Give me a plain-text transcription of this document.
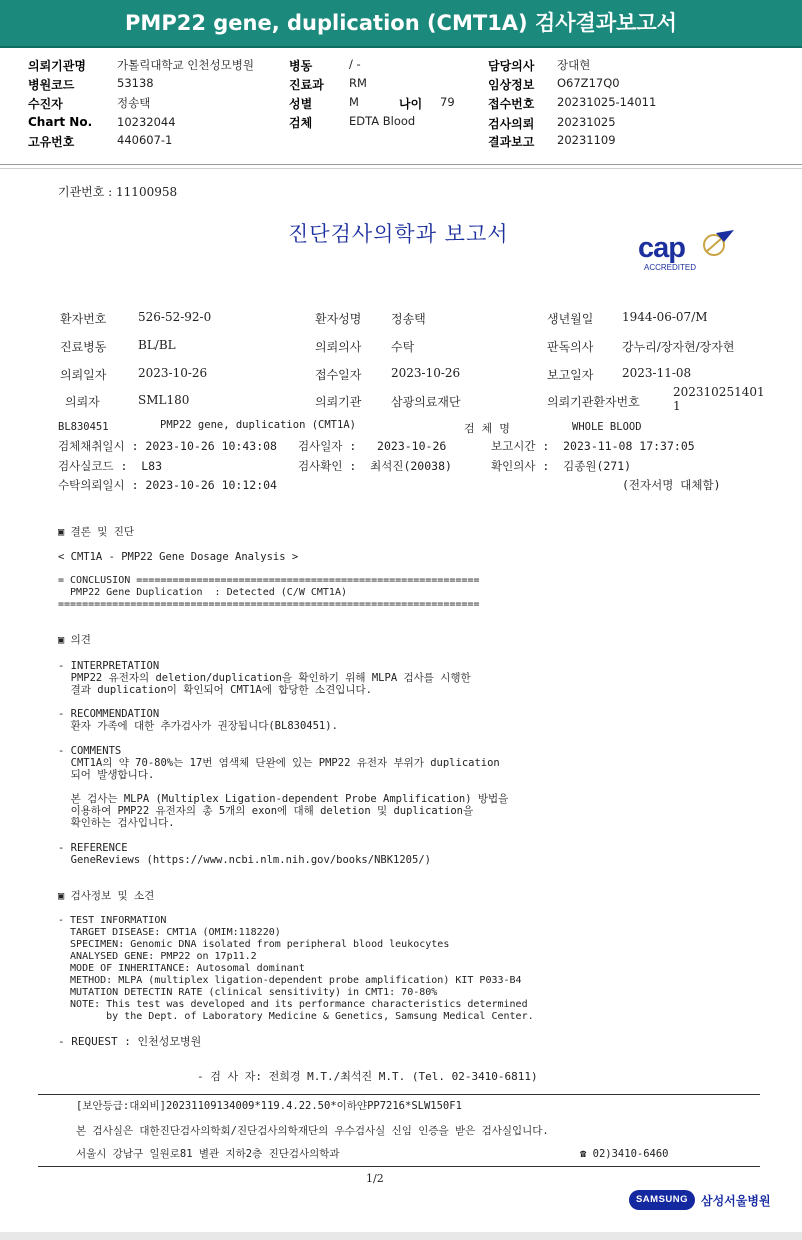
PMP22 gene, duplication (CMT1A) 검사결과보고서
의뢰기관명	가톨릭대학교 인천성모병원	병동	/ -	담당의사 장대현
병원코드	53138	진료과 RM	임상정보 O67Z17Q0
수진자	정송택	성별	M	나이 79	접수번호 20231025-14011
Chart No. 10232044	검체	EDTA Blood	검사의뢰 20231025
고유번호	440607-1	결과보고 20231109
기관번호 : 11100958
진단검사의학과 보고서	cap
ACCREDITED
환자번호	526-52-92-0	환자성명 정송택	생년월일 1944-06-07/M
진료병동	BL/BL	의뢰의사 수탁	판독의사 강누리/장자현/장자현
의뢰일자	2023-10-26	접수일자 2023-10-26	보고일자 2023-11-08
의뢰자	SML180	의뢰기관 삼광의료재단	의뢰기관환자번호
202310251401
1
BL830451	PMP22 gene, duplication (CMT1A)	검  체  명	WHOLE BLOOD
검체채취일시 : 2023-10-26 10:43:08 검사일자 :   2023-10-26	보고시간 :  2023-11-08 17:37:05
검사실코드 :  L83	검사확인 :  최석진(20038)	확인의사 :  김종원(271)
수탁의뢰일시 : 2023-10-26 10:12:04	(전자서명 대체함)
▣ 결론 및 진단
< CMT1A - PMP22 Gene Dosage Analysis >
= CONCLUSION =========================================================
PMP22 Gene Duplication  : Detected (C/W CMT1A)
======================================================================
▣ 의견
- INTERPRETATION
PMP22 유전자의 deletion/duplication을 확인하기 위해 MLPA 검사를 시행한
결과 duplication이 확인되어 CMT1A에 합당한 소견입니다.
- RECOMMENDATION
환자 가족에 대한 추가검사가 권장됩니다(BL830451).
- COMMENTS
CMT1A의 약 70-80%는 17번 염색체 단완에 있는 PMP22 유전자 부위가 duplication
되어 발생합니다.
본 검사는 MLPA (Multiplex Ligation-dependent Probe Amplification) 방법을
이용하여 PMP22 유전자의 총 5개의 exon에 대해 deletion 및 duplication을
확인하는 검사입니다.
- REFERENCE
GeneReviews (https://www.ncbi.nlm.nih.gov/books/NBK1205/)
▣ 검사정보 및 소견
- TEST INFORMATION
TARGET DISEASE: CMT1A (OMIM:118220)
SPECIMEN: Genomic DNA isolated from peripheral blood leukocytes
ANALYSED GENE: PMP22 on 17p11.2
MODE OF INHERITANCE: Autosomal dominant
METHOD: MLPA (multiplex ligation-dependent probe amplification) KIT P033-B4
MUTATION DETECTIN RATE (clinical sensitivity) in CMT1: 70-80%
NOTE: This test was developed and its performance characteristics determined
by the Dept. of Laboratory Medicine & Genetics, Samsung Medical Center.
- REQUEST : 인천성모병원
- 검 사 자: 전희경 M.T./최석진 M.T. (Tel. 02-3410-6811)
[보안등급:대외비]20231109134009*119.4.22.50*이하얀PP7216*SLW150F1
본 검사실은 대한진단검사의학회/진단검사의학재단의 우수검사실 신임 인증을 받은 검사실입니다.
서울시 강남구 일원로81 별관 지하2층 진단검사의학과	☎ 02)3410-6460
1/2
SAMSUNG	삼성서울병원
